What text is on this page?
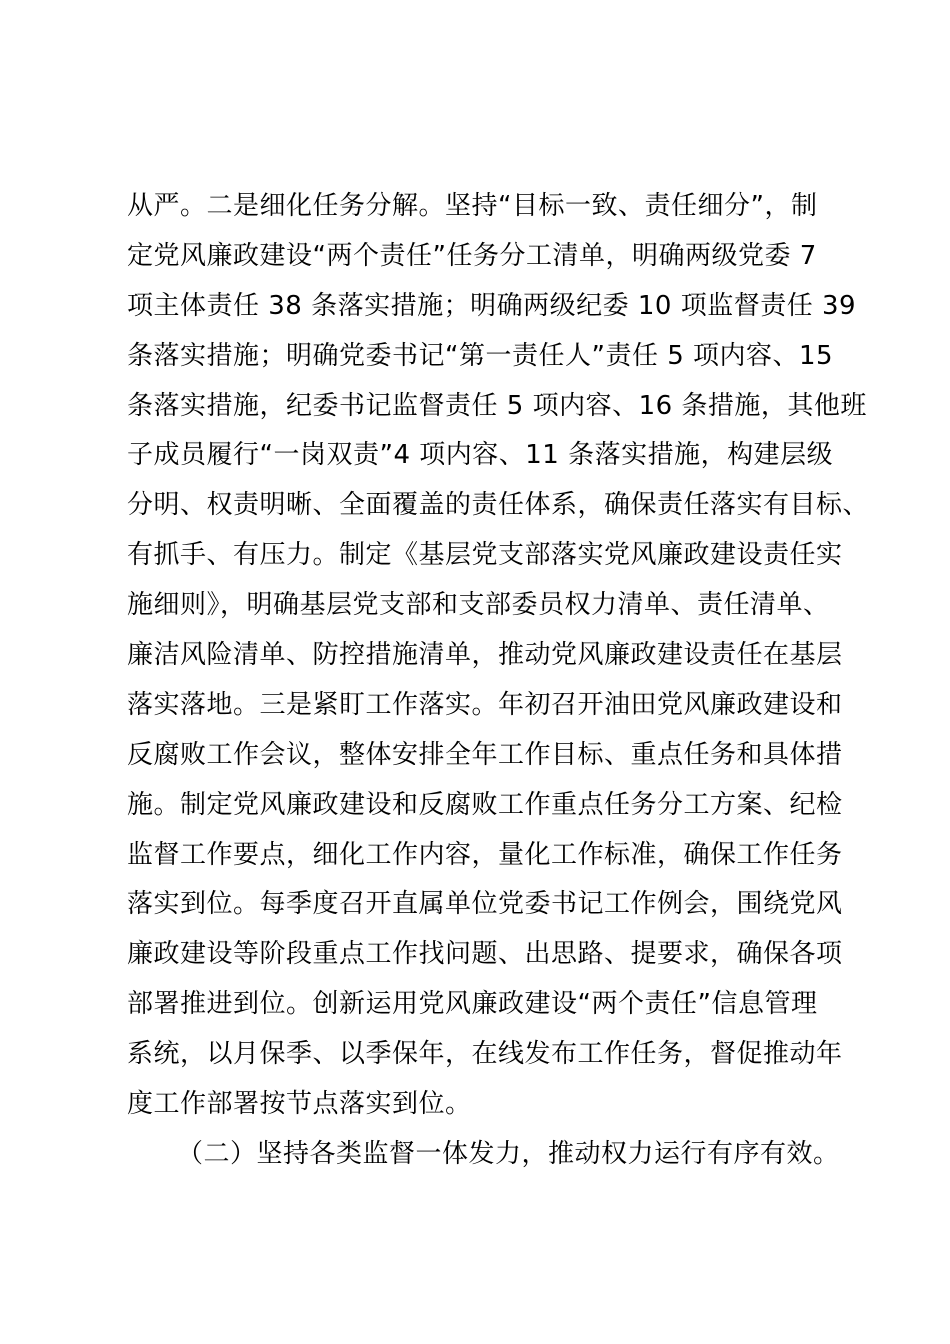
从严。二是细化任务分解。坚持“目标一致、责任细分”，制
定党风廉政建设“两个责任”任务分工清单，明确两级党委 7
项主体责任 38 条落实措施；明确两级纪委 10 项监督责任 39
条落实措施；明确党委书记“第一责任人”责任 5 项内容、15
条落实措施，纪委书记监督责任 5 项内容、16 条措施，其他班
子成员履行“一岗双责”4 项内容、11 条落实措施，构建层级
分明、权责明晰、全面覆盖的责任体系，确保责任落实有目标、
有抓手、有压力。制定《基层党支部落实党风廉政建设责任实
施细则》，明确基层党支部和支部委员权力清单、责任清单、
廉洁风险清单、防控措施清单，推动党风廉政建设责任在基层
落实落地。三是紧盯工作落实。年初召开油田党风廉政建设和
反腐败工作会议，整体安排全年工作目标、重点任务和具体措
施。制定党风廉政建设和反腐败工作重点任务分工方案、纪检
监督工作要点，细化工作内容，量化工作标准，确保工作任务
落实到位。每季度召开直属单位党委书记工作例会，围绕党风
廉政建设等阶段重点工作找问题、出思路、提要求，确保各项
部署推进到位。创新运用党风廉政建设“两个责任”信息管理
系统，以月保季、以季保年，在线发布工作任务，督促推动年
度工作部署按节点落实到位。
（二）坚持各类监督一体发力，推动权力运行有序有效。
